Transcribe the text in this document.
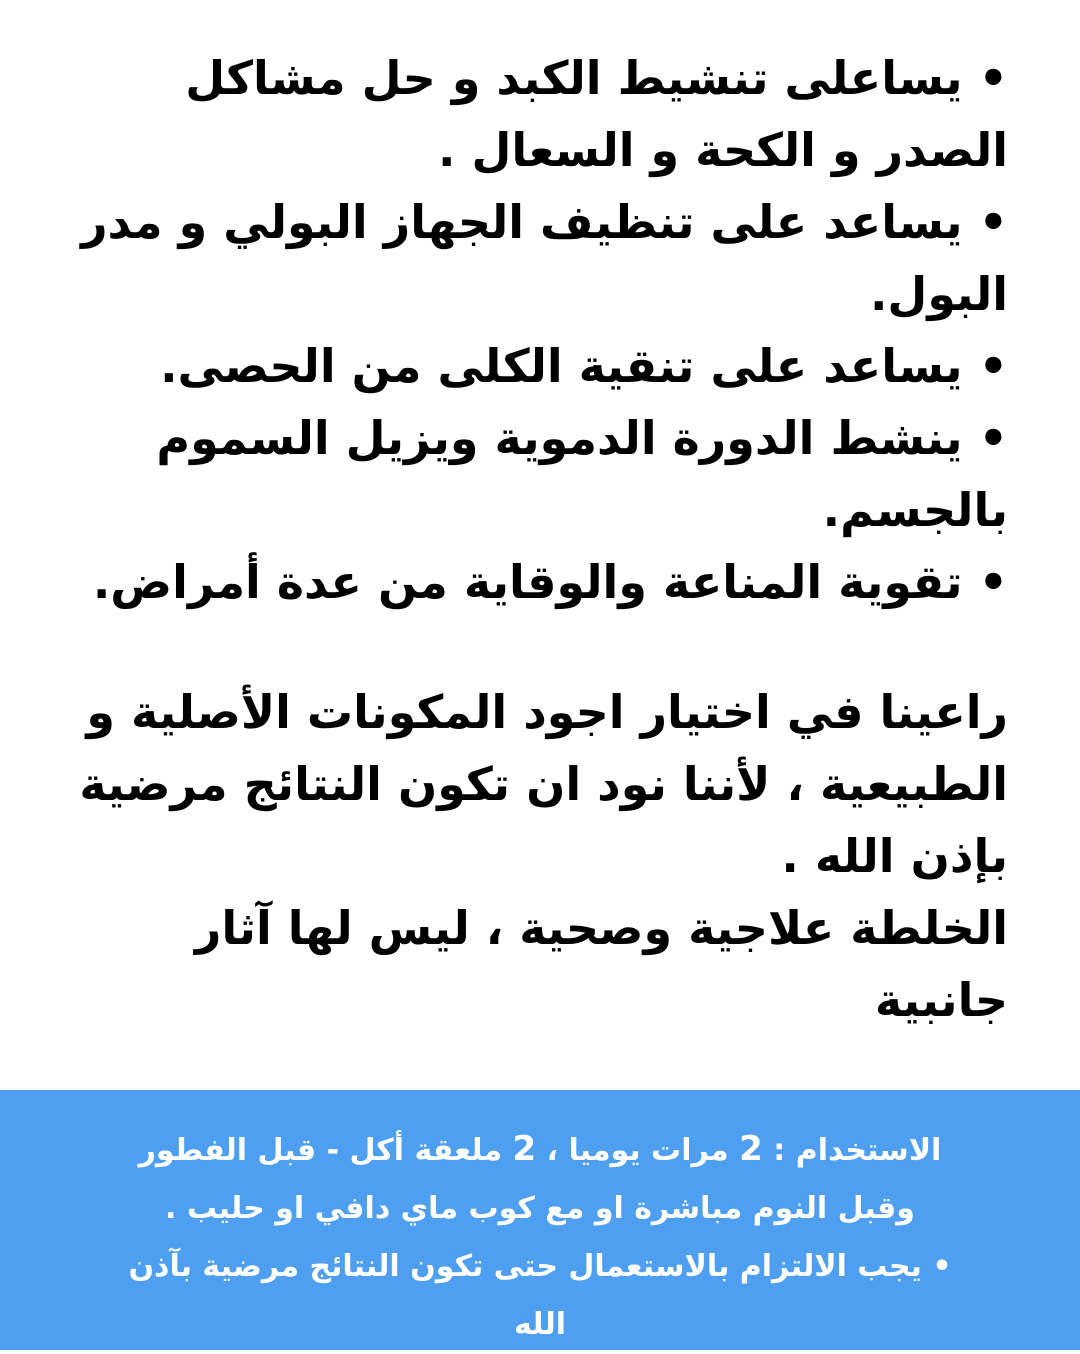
• يساعلى تنشيط الكبد و حل مشاكل الصدر و الكحة و السعال .
• يساعد على تنظيف الجهاز البولي و مدر البول.
• يساعد على تنقية الكلى من الحصى.
• ينشط الدورة الدموية ويزيل السموم بالجسم.
• تقوية المناعة والوقاية من عدة أمراض.

راعينا في اختيار اجود المكونات الأصلية و الطبيعية ، لأننا نود ان تكون النتائج مرضية بإذن الله .

الخلطة علاجية وصحية ، ليس لها آثار جانبية

الاستخدام : 2 مرات يوميا ، 2 ملعقة أكل - قبل الفطور وقبل النوم مباشرة او مع كوب ماي دافي او حليب .

• يجب الالتزام بالاستعمال حتى تكون النتائج مرضية بآذن الله
